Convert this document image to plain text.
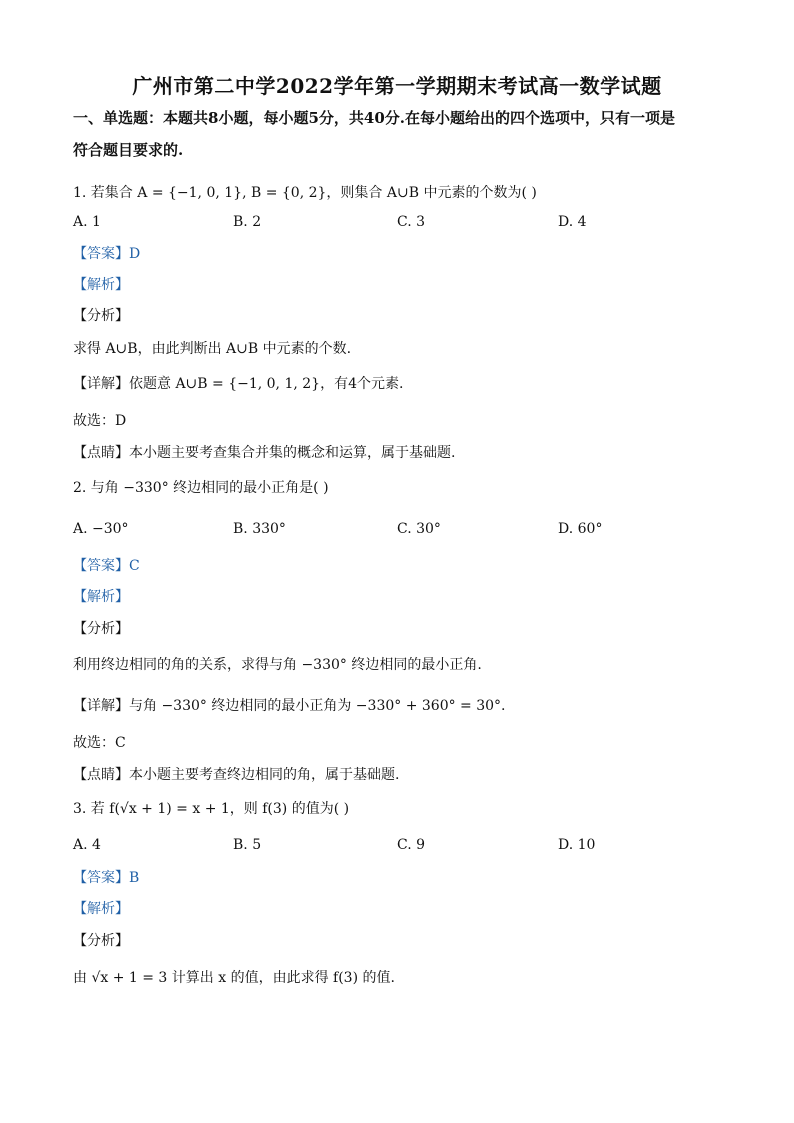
广州市第二中学2022学年第一学期期末考试高一数学试题
一、单选题：本题共8小题，每小题5分，共40分.在每小题给出的四个选项中，只有一项是
符合题目要求的.
1. 若集合 A = {−1, 0, 1}, B = {0, 2}，则集合 A∪B 中元素的个数为( )
A. 1	B. 2	C. 3	D. 4
【答案】D
【解析】
【分析】
求得 A∪B，由此判断出 A∪B 中元素的个数.
【详解】依题意 A∪B = {−1, 0, 1, 2}，有4个元素.
故选：D
【点睛】本小题主要考查集合并集的概念和运算，属于基础题.
2. 与角 −330° 终边相同的最小正角是( )
A. −30°	B. 330°	C. 30°	D. 60°
【答案】C
【解析】
【分析】
利用终边相同的角的关系，求得与角 −330° 终边相同的最小正角.
【详解】与角 −330° 终边相同的最小正角为 −330° + 360° = 30°.
故选：C
【点睛】本小题主要考查终边相同的角，属于基础题.
3. 若 f(√x + 1) = x + 1，则 f(3) 的值为( )
A. 4	B. 5	C. 9	D. 10
【答案】B
【解析】
【分析】
由 √x + 1 = 3 计算出 x 的值，由此求得 f(3) 的值.
